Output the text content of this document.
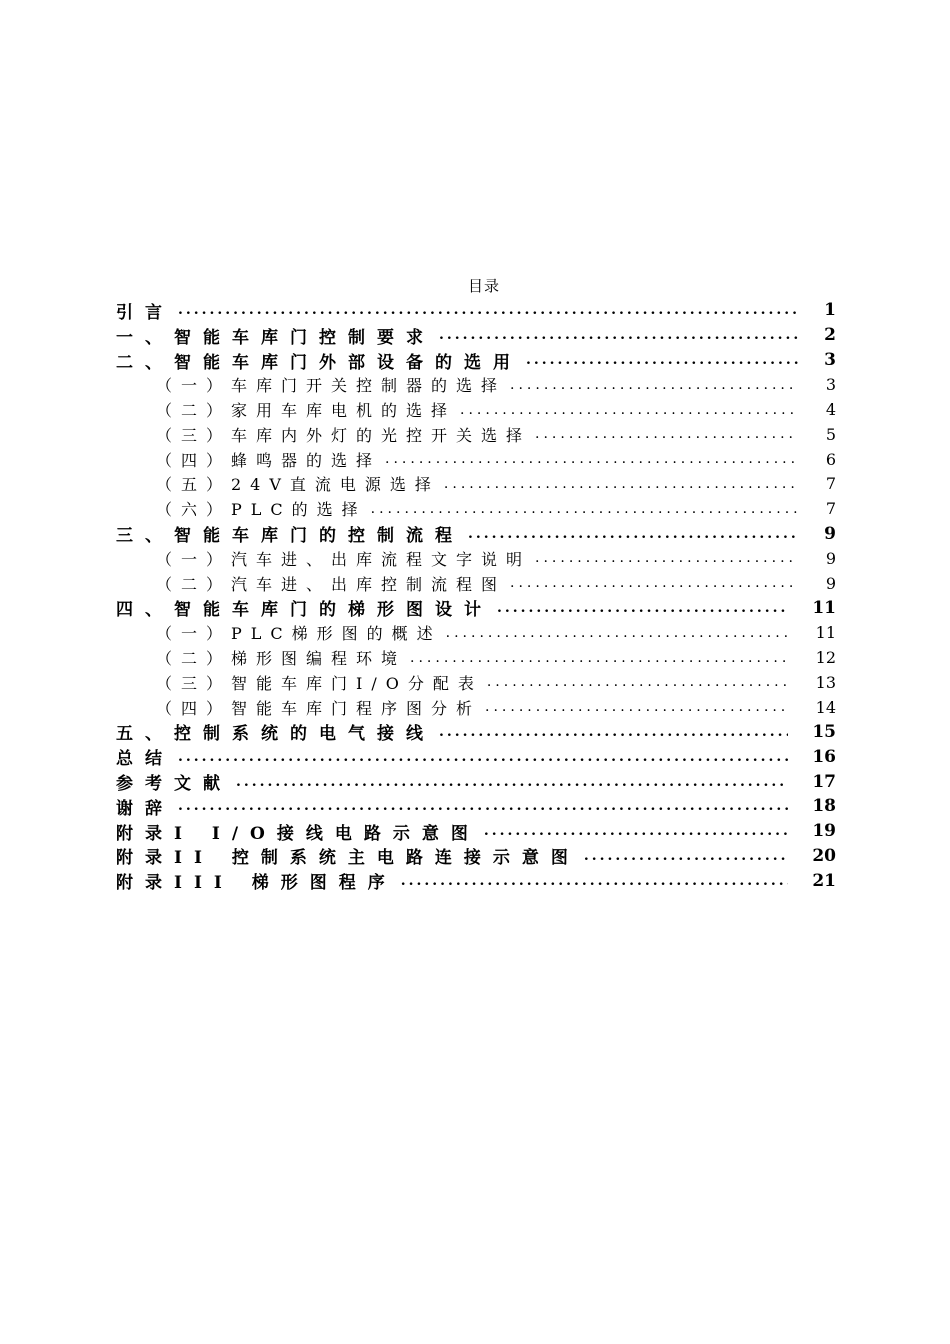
目录
引言 .....	1
一、智能车库门控制要求 .....	2
二、智能车库门外部设备的选用 .....	3
（一）车库门开关控制器的选择 .....	3
（二）家用车库电机的选择 .....	4
（三）车库内外灯的光控开关选择 .....	5
（四）蜂鸣器的选择 .....	6
（五）24V直流电源选择 .....	7
（六）PLC的选择 .....	7
三、智能车库门的控制流程 .....	9
（一）汽车进、出库流程文字说明 .....	9
（二）汽车进、出库控制流程图 .....	9
四、智能车库门的梯形图设计 .....	11
（一）PLC梯形图的概述 .....	11
（二）梯形图编程环境 .....	12
（三）智能车库门I/O分配表 .....	13
（四）智能车库门程序图分析 .....	14
五、控制系统的电气接线 .....	15
总结 .....	16
参考文献 .....	17
谢辞 .....	18
附录I I/O接线电路示意图 .....	19
附录II 控制系统主电路连接示意图 .....	20
附录III 梯形图程序 .....	21
